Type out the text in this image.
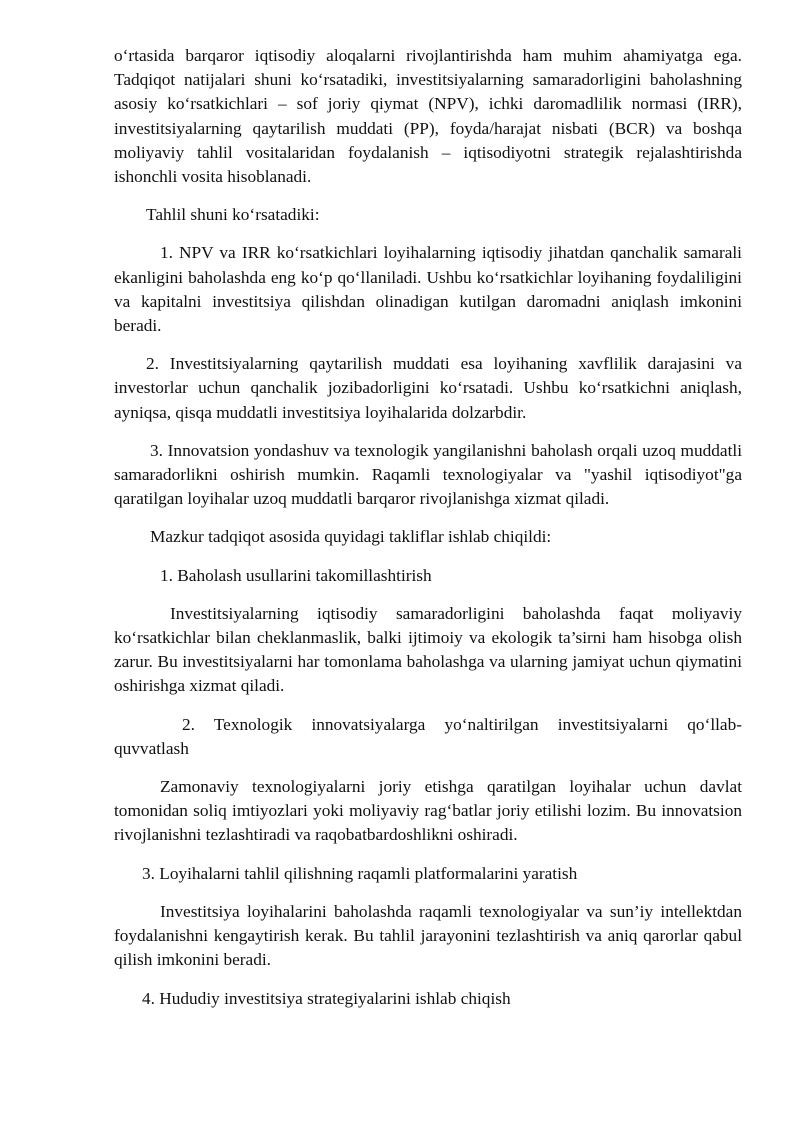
o‘rtasida barqaror iqtisodiy aloqalarni rivojlantirishda ham muhim ahamiyatga ega. Tadqiqot natijalari shuni ko‘rsatadiki, investitsiyalarning samaradorligini baholashning asosiy ko‘rsatkichlari – sof joriy qiymat (NPV), ichki daromadlilik normasi (IRR), investitsiyalarning qaytarilish muddati (PP), foyda/harajat nisbati (BCR) va boshqa moliyaviy tahlil vositalaridan foydalanish – iqtisodiyotni strategik rejalashtirishda ishonchli vosita hisoblanadi.

Tahlil shuni ko‘rsatadiki:

1. NPV va IRR ko‘rsatkichlari loyihalarning iqtisodiy jihatdan qanchalik samarali ekanligini baholashda eng ko‘p qo‘llaniladi. Ushbu ko‘rsatkichlar loyihaning foydaliligini va kapitalni investitsiya qilishdan olinadigan kutilgan daromadni aniqlash imkonini beradi.

2. Investitsiyalarning qaytarilish muddati esa loyihaning xavflilik darajasini va investorlar uchun qanchalik jozibadorligini ko‘rsatadi. Ushbu ko‘rsatkichni aniqlash, ayniqsa, qisqa muddatli investitsiya loyihalarida dolzarbdir.

3. Innovatsion yondashuv va texnologik yangilanishni baholash orqali uzoq muddatli samaradorlikni oshirish mumkin. Raqamli texnologiyalar va "yashil iqtisodiyot"ga qaratilgan loyihalar uzoq muddatli barqaror rivojlanishga xizmat qiladi.

Mazkur tadqiqot asosida quyidagi takliflar ishlab chiqildi:

1. Baholash usullarini takomillashtirish

Investitsiyalarning iqtisodiy samaradorligini baholashda faqat moliyaviy ko‘rsatkichlar bilan cheklanmaslik, balki ijtimoiy va ekologik ta’sirni ham hisobga olish zarur. Bu investitsiyalarni har tomonlama baholashga va ularning jamiyat uchun qiymatini oshirishga xizmat qiladi.

2. Texnologik innovatsiyalarga yo‘naltirilgan investitsiyalarni qo‘llab-quvvatlash

Zamonaviy texnologiyalarni joriy etishga qaratilgan loyihalar uchun davlat tomonidan soliq imtiyozlari yoki moliyaviy rag‘batlar joriy etilishi lozim. Bu innovatsion rivojlanishni tezlashtiradi va raqobatbardoshlikni oshiradi.

3. Loyihalarni tahlil qilishning raqamli platformalarini yaratish

Investitsiya loyihalarini baholashda raqamli texnologiyalar va sun’iy intellektdan foydalanishni kengaytirish kerak. Bu tahlil jarayonini tezlashtirish va aniq qarorlar qabul qilish imkonini beradi.

4. Hududiy investitsiya strategiyalarini ishlab chiqish
